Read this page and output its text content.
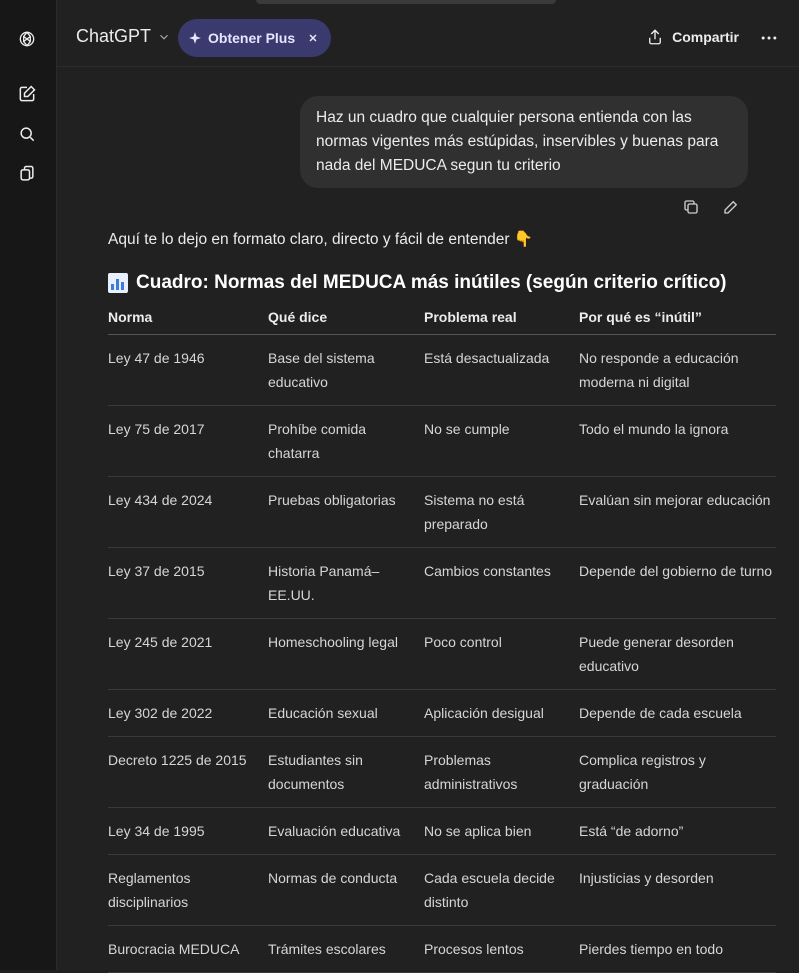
ChatGPT	Obtener Plus	Compartir
Haz un cuadro que cualquier persona entienda con las normas vigentes más estúpidas, inservibles y buenas para nada del MEDUCA segun tu criterio
Aquí te lo dejo en formato claro, directo y fácil de entender 👇
Cuadro: Normas del MEDUCA más inútiles (según criterio crítico)
Norma	Qué dice	Problema real	Por qué es “inútil”
Ley 47 de 1946	Base del sistema educativo	Está desactualizada	No responde a educación moderna ni digital
Ley 75 de 2017	Prohíbe comida chatarra	No se cumple	Todo el mundo la ignora
Ley 434 de 2024	Pruebas obligatorias	Sistema no está preparado	Evalúan sin mejorar educación
Ley 37 de 2015	Historia Panamá–EE.UU.	Cambios constantes	Depende del gobierno de turno
Ley 245 de 2021	Homeschooling legal	Poco control	Puede generar desorden educativo
Ley 302 de 2022	Educación sexual	Aplicación desigual	Depende de cada escuela
Decreto 1225 de 2015	Estudiantes sin documentos	Problemas administrativos	Complica registros y graduación
Ley 34 de 1995	Evaluación educativa	No se aplica bien	Está “de adorno”
Reglamentos disciplinarios	Normas de conducta	Cada escuela decide distinto	Injusticias y desorden
Burocracia MEDUCA	Trámites escolares	Procesos lentos	Pierdes tiempo en todo
